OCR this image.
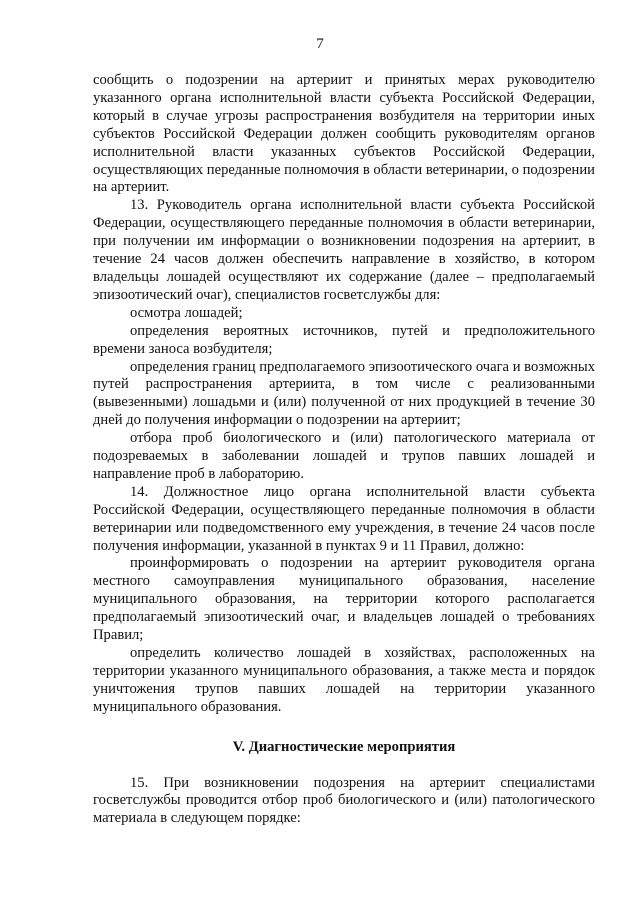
7

сообщить о подозрении на артериит и принятых мерах руководителю указанного органа исполнительной власти субъекта Российской Федерации, который в случае угрозы распространения возбудителя на территории иных субъектов Российской Федерации должен сообщить руководителям органов исполнительной власти указанных субъектов Российской Федерации, осуществляющих переданные полномочия в области ветеринарии, о подозрении на артериит.

13. Руководитель органа исполнительной власти субъекта Российской Федерации, осуществляющего переданные полномочия в области ветеринарии, при получении им информации о возникновении подозрения на артериит, в течение 24 часов должен обеспечить направление в хозяйство, в котором владельцы лошадей осуществляют их содержание (далее – предполагаемый эпизоотический очаг), специалистов госветслужбы для:

осмотра лошадей;

определения вероятных источников, путей и предположительного времени заноса возбудителя;

определения границ предполагаемого эпизоотического очага и возможных путей распространения артериита, в том числе с реализованными (вывезенными) лошадьми и (или) полученной от них продукцией в течение 30 дней до получения информации о подозрении на артериит;

отбора проб биологического и (или) патологического материала от подозреваемых в заболевании лошадей и трупов павших лошадей и направление проб в лабораторию.

14. Должностное лицо органа исполнительной власти субъекта Российской Федерации, осуществляющего переданные полномочия в области ветеринарии или подведомственного ему учреждения, в течение 24 часов после получения информации, указанной в пунктах 9 и 11 Правил, должно:

проинформировать о подозрении на артериит руководителя органа местного самоуправления муниципального образования, население муниципального образования, на территории которого располагается предполагаемый эпизоотический очаг, и владельцев лошадей о требованиях Правил;

определить количество лошадей в хозяйствах, расположенных на территории указанного муниципального образования, а также места и порядок уничтожения трупов павших лошадей на территории указанного муниципального образования.

V. Диагностические мероприятия

15. При возникновении подозрения на артериит специалистами госветслужбы проводится отбор проб биологического и (или) патологического материала в следующем порядке:
